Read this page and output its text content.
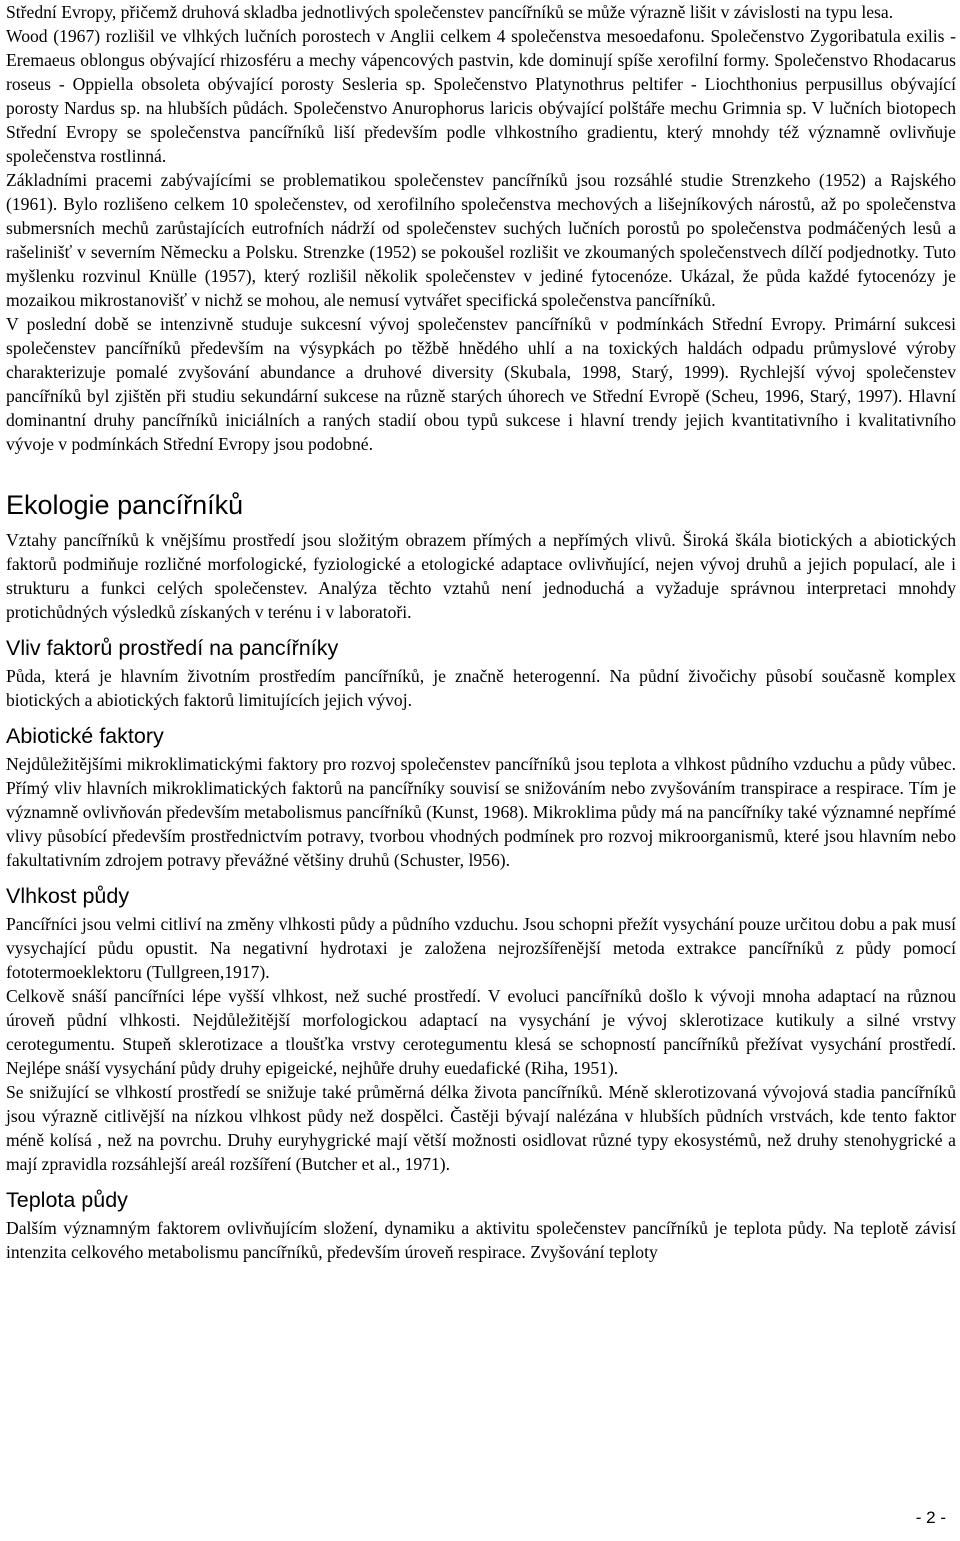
Střední Evropy, přičemž druhová skladba jednotlivých společenstev pancířníků se může výrazně lišit v závislosti na typu lesa.

Wood (1967) rozlišil ve vlhkých lučních porostech v Anglii celkem 4 společenstva mesoedafonu. Společenstvo Zygoribatula exilis - Eremaeus oblongus obývající rhizosféru a mechy vápencových pastvin, kde dominují spíše xerofilní formy. Společenstvo Rhodacarus roseus - Oppiella obsoleta obývající porosty Sesleria sp. Společenstvo Platynothrus peltifer - Liochthonius perpusillus obývající porosty Nardus sp. na hlubších půdách. Společenstvo Anurophorus laricis obývající polštáře mechu Grimnia sp. V lučních biotopech Střední Evropy se společenstva pancířníků liší především podle vlhkostního gradientu, který mnohdy též významně ovlivňuje společenstva rostlinná.

Základními pracemi zabývajícími se problematikou společenstev pancířníků jsou rozsáhlé studie Strenzkeho (1952) a Rajského (1961). Bylo rozlišeno celkem 10 společenstev, od xerofilního společenstva mechových a lišejníkových nárostů, až po společenstva submersních mechů zarůstajících eutrofních nádrží od společenstev suchých lučních porostů po společenstva podmáčených lesů a rašelinišť v severním Německu a Polsku. Strenzke (1952) se pokoušel rozlišit ve zkoumaných společenstvech dílčí podjednotky. Tuto myšlenku rozvinul Knülle (1957), který rozlišil několik společenstev v jediné fytocenóze. Ukázal, že půda každé fytocenózy je mozaikou mikrostanovišť v nichž se mohou, ale nemusí vytvářet specifická společenstva pancířníků.

V poslední době se intenzivně studuje sukcesní vývoj společenstev pancířníků v podmínkách Střední Evropy. Primární sukcesi společenstev pancířníků především na výsypkách po těžbě hnědého uhlí a na toxických haldách odpadu průmyslové výroby charakterizuje pomalé zvyšování abundance a druhové diversity (Skubala, 1998, Starý, 1999). Rychlejší vývoj společenstev pancířníků byl zjištěn při studiu sekundární sukcese na různě starých úhorech ve Střední Evropě (Scheu, 1996, Starý, 1997). Hlavní dominantní druhy pancířníků iniciálních a raných stadií obou typů sukcese i hlavní trendy jejich kvantitativního i kvalitativního vývoje v podmínkách Střední Evropy jsou podobné.

Ekologie pancířníků

Vztahy pancířníků k vnějšímu prostředí jsou složitým obrazem přímých a nepřímých vlivů. Široká škála biotických a abiotických faktorů podmiňuje rozličné morfologické, fyziologické a etologické adaptace ovlivňující, nejen vývoj druhů a jejich populací, ale i strukturu a funkci celých společenstev. Analýza těchto vztahů není jednoduchá a vyžaduje správnou interpretaci mnohdy protichůdných výsledků získaných v terénu i v laboratoři.

Vliv faktorů prostředí na pancířníky

Půda, která je hlavním životním prostředím pancířníků, je značně heterogenní. Na půdní živočichy působí současně komplex biotických a abiotických faktorů limitujících jejich vývoj.

Abiotické faktory

Nejdůležitějšími mikroklimatickými faktory pro rozvoj společenstev pancířníků jsou teplota a vlhkost půdního vzduchu a půdy vůbec. Přímý vliv hlavních mikroklimatických faktorů na pancířníky souvisí se snižováním nebo zvyšováním transpirace a respirace. Tím je významně ovlivňován především metabolismus pancířníků (Kunst, 1968). Mikroklima půdy má na pancířníky také významné nepřímé vlivy působící především prostřednictvím potravy, tvorbou vhodných podmínek pro rozvoj mikroorganismů, které jsou hlavním nebo fakultativním zdrojem potravy převážné většiny druhů (Schuster, l956).

Vlhkost půdy

Pancířníci jsou velmi citliví na změny vlhkosti půdy a půdního vzduchu. Jsou schopni přežít vysychání pouze určitou dobu a pak musí vysychající půdu opustit. Na negativní hydrotaxi je založena nejrozšířenější metoda extrakce pancířníků z půdy pomocí fototermoeklektoru (Tullgreen,1917).

Celkově snáší pancířníci lépe vyšší vlhkost, než suché prostředí. V evoluci pancířníků došlo k vývoji mnoha adaptací na různou úroveň půdní vlhkosti. Nejdůležitější morfologickou adaptací na vysychání je vývoj sklerotizace kutikuly a silné vrstvy cerotegumentu. Stupeň sklerotizace a tloušťka vrstvy cerotegumentu klesá se schopností pancířníků přežívat vysychání prostředí. Nejlépe snáší vysychání půdy druhy epigeické, nejhůře druhy euedafické (Riha, 1951).

Se snižující se vlhkostí prostředí se snižuje také průměrná délka života pancířníků. Méně sklerotizovaná vývojová stadia pancířníků jsou výrazně citlivější na nízkou vlhkost půdy než dospělci. Častěji bývají nalézána v hlubších půdních vrstvách, kde tento faktor méně kolísá , než na povrchu. Druhy euryhygrické mají větší možnosti osidlovat různé typy ekosystémů, než druhy stenohygrické a mají zpravidla rozsáhlejší areál rozšíření (Butcher et al., 1971).

Teplota půdy

Dalším významným faktorem ovlivňujícím složení, dynamiku a aktivitu společenstev pancířníků je teplota půdy. Na teplotě závisí intenzita celkového metabolismu pancířníků, především úroveň respirace. Zvyšování teploty

- 2 -
